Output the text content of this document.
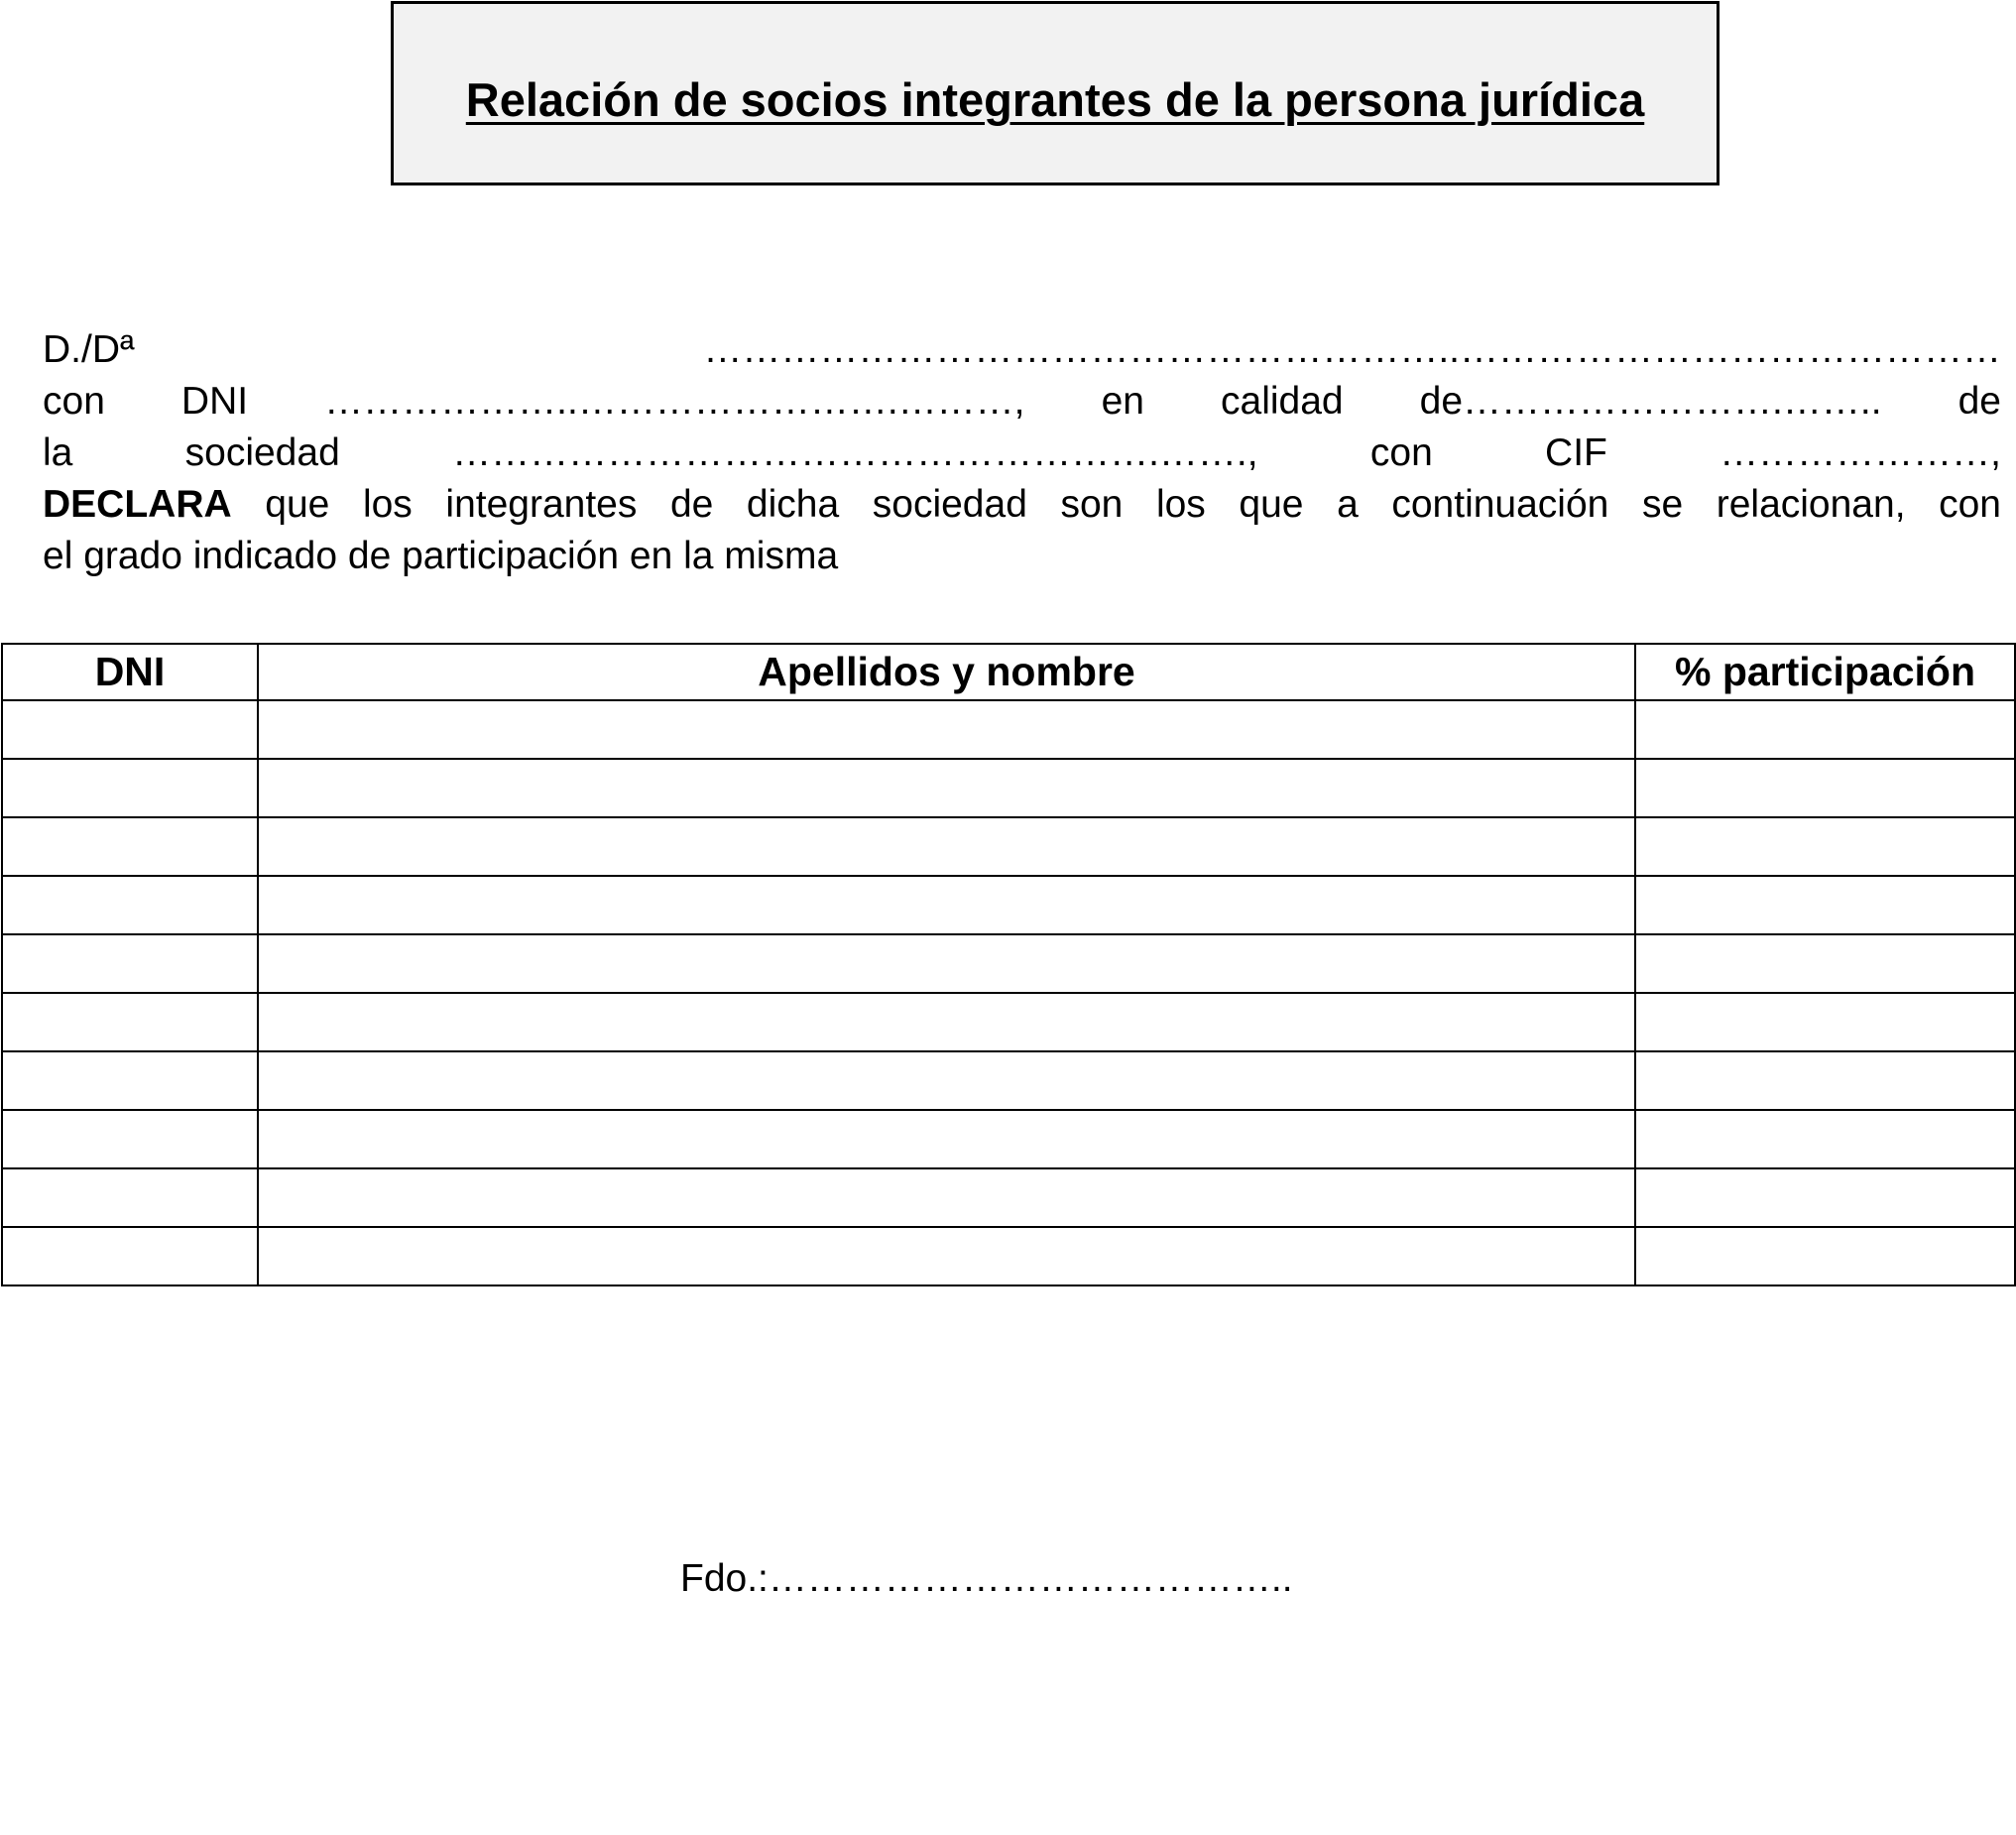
Relación de socios integrantes de la persona jurídica
D./Dª	…………………………………………………..……………………………………
con DNI ………………..…………………….………, en calidad de…………………….…….. de
la sociedad	……………………………………………….…….,	con CIF	…………………,
DECLARA que los integrantes de dicha sociedad son los que a continuación se relacionan, con
el grado indicado de participación en la misma
DNI	Apellidos y nombre	% participación

Fdo.:…………………………………..
